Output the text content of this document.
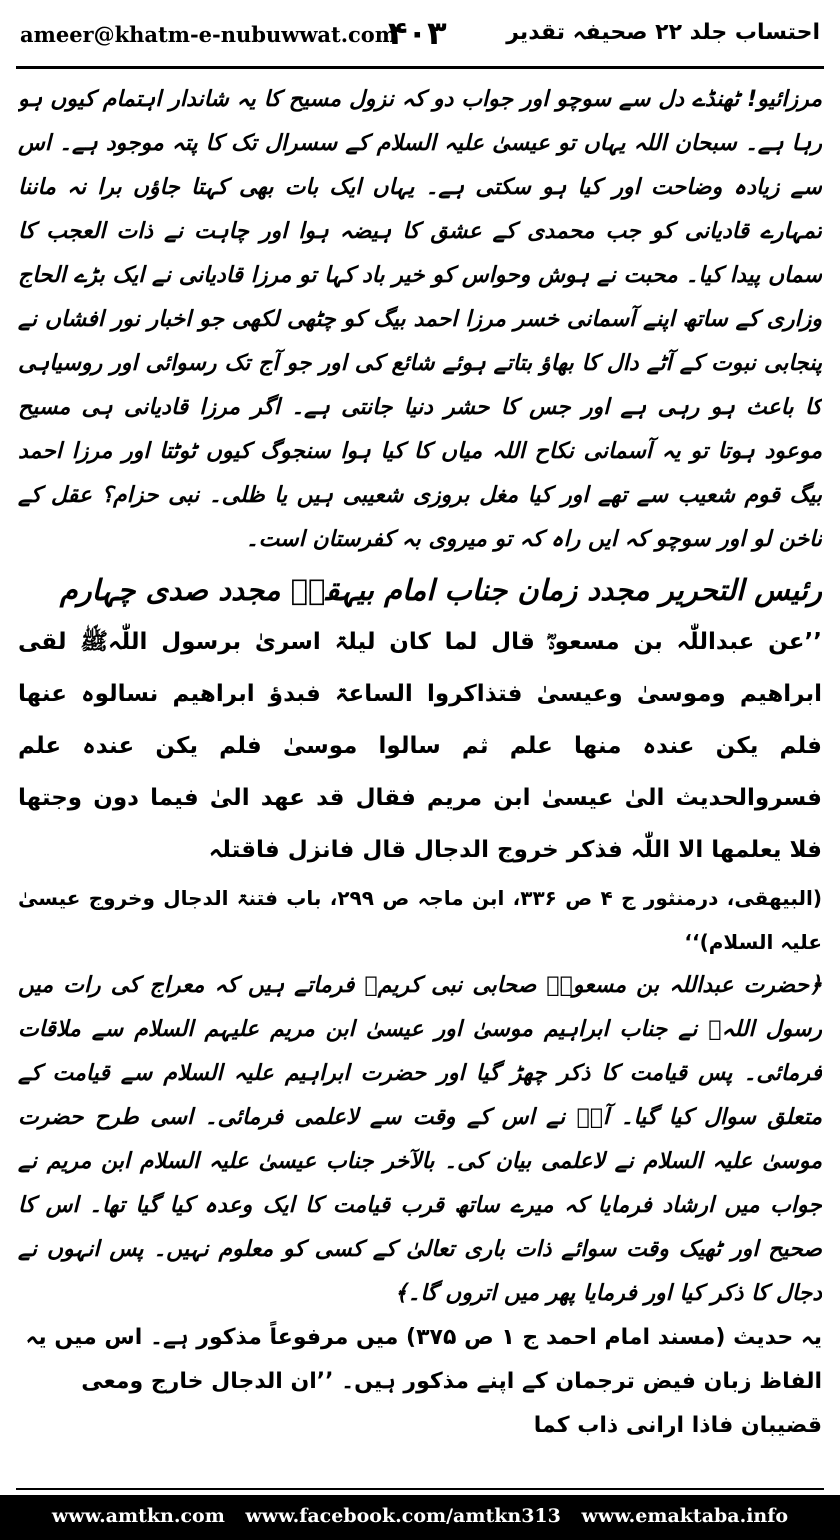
ameer@khatm-e-nubuwwat.com
۴۰۳	احتساب جلد ۲۲ صحیفہ تقدیر

مرزائیو! ٹھنڈے دل سے سوچو اور جواب دو کہ نزول مسیح کا یہ شاندار اہتمام کیوں ہو رہا ہے۔ سبحان اللہ یہاں تو عیسیٰ علیہ السلام کے سسرال تک کا پتہ موجود ہے۔ اس سے زیادہ وضاحت اور کیا ہو سکتی ہے۔ یہاں ایک بات بھی کہتا جاؤں برا نہ ماننا تمہارے قادیانی کو جب محمدی کے عشق کا ہیضہ ہوا اور چاہت نے ذات العجب کا سماں پیدا کیا۔ محبت نے ہوش وحواس کو خیر باد کہا تو مرزا قادیانی نے ایک بڑے الحاج وزاری کے ساتھ اپنے آسمانی خسر مرزا احمد بیگ کو چٹھی لکھی جو اخبار نور افشاں نے پنجابی نبوت کے آٹے دال کا بھاؤ بتاتے ہوئے شائع کی اور جو آج تک رسوائی اور روسیاہی کا باعث ہو رہی ہے اور جس کا حشر دنیا جانتی ہے۔ اگر مرزا قادیانی ہی مسیح موعود ہوتا تو یہ آسمانی نکاح اللہ میاں کا کیا ہوا سنجوگ کیوں ٹوٹتا اور مرزا احمد بیگ قوم شعیب سے تھے اور کیا مغل بروزی شعیبی ہیں یا ظلی۔ نبی حزام؟ عقل کے ناخن لو اور سوچو کہ ایں راہ کہ تو میروی بہ کفرستان است۔

رئیس التحریر مجدد زمان جناب امام بیہقیؒ مجدد صدی چہارم

’’عن عبداللّٰہ بن مسعودؓ قال لما کان لیلۃ اسریٰ برسول اللّٰہﷺ لقی ابراھیم وموسیٰ وعیسیٰ فتذاکروا الساعۃ فبدؤ ابراھیم نسالوہ عنھا فلم یکن عندہ منھا علم ثم سالوا موسیٰ فلم یکن عندہ علم فسروالحدیث الیٰ عیسیٰ ابن مریم فقال قد عھد الیٰ فیما دون وجتھا فلا یعلمھا الا اللّٰہ فذکر خروج الدجال قال فانزل فاقتلہ

(البیھقی، درمنثور ج ۴ ص ۳۳۶، ابن ماجہ ص ۲۹۹، باب فتنۃ الدجال وخروج عیسیٰ علیہ السلام)‘‘

﴿حضرت عبداللہ بن مسعودؓ صحابی نبی کریمﷺ فرماتے ہیں کہ معراج کی رات میں رسول اللہﷺ نے جناب ابراہیم موسیٰ اور عیسیٰ ابن مریم علیہم السلام سے ملاقات فرمائی۔ پس قیامت کا ذکر چھڑ گیا اور حضرت ابراہیم علیہ السلام سے قیامت کے متعلق سوال کیا گیا۔ آپؑ نے اس کے وقت سے لاعلمی فرمائی۔ اسی طرح حضرت موسیٰ علیہ السلام نے لاعلمی بیان کی۔ بالآخر جناب عیسیٰ علیہ السلام ابن مریم نے جواب میں ارشاد فرمایا کہ میرے ساتھ قرب قیامت کا ایک وعدہ کیا گیا تھا۔ اس کا صحیح اور ٹھیک وقت سوائے ذات باری تعالیٰ کے کسی کو معلوم نہیں۔ پس انہوں نے دجال کا ذکر کیا اور فرمایا پھر میں اتروں گا۔﴾

یہ حدیث (مسند امام احمد ج ۱ ص ۳۷۵) میں مرفوعاً مذکور ہے۔ اس میں یہ الفاظ زبان فیض ترجمان کے اپنے مذکور ہیں۔ ’’ان الدجال خارج ومعی قضیبان فاذا ارانی ذاب کما

www.amtkn.com www.facebook.com/amtkn313 www.emaktaba.info
